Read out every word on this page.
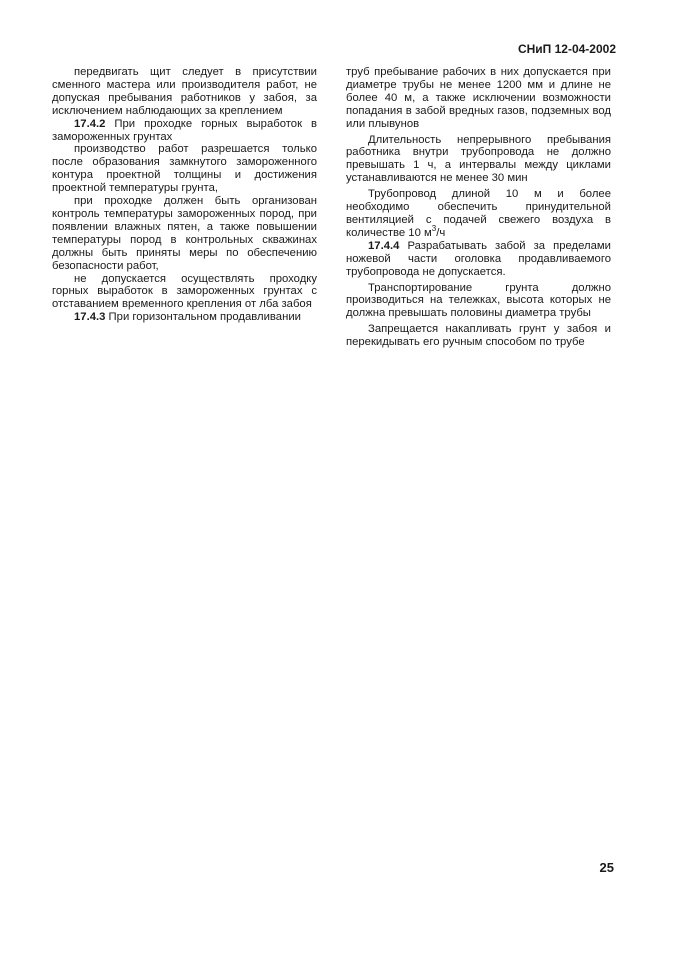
СНиП 12-04-2002

передвигать щит следует в присутствии сменного мастера или производителя работ, не допуская пребывания работников у забоя, за исключением наблюдающих за креплением

17.4.2 При проходке горных выработок в замороженных грунтах

производство работ разрешается только после образования замкнутого замороженного контура проектной толщины и достижения проектной температуры грунта,

при проходке должен быть организован контроль температуры замороженных пород, при появлении влажных пятен, а также повышении температуры пород в контрольных скважинах должны быть приняты меры по обеспечению безопасности работ,

не допускается осуществлять проходку горных выработок в замороженных грунтах с отставанием временного крепления от лба забоя

17.4.3 При горизонтальном продавливании

труб пребывание рабочих в них допускается при диаметре трубы не менее 1200 мм и длине не более 40 м, а также исключении возможности попадания в забой вредных газов, подземных вод или плывунов

Длительность непрерывного пребывания работника внутри трубопровода не должно превышать 1 ч, а интервалы между циклами устанавливаются не менее 30 мин

Трубопровод длиной 10 м и более необходимо обеспечить принудительной вентиляцией с подачей свежего воздуха в количестве 10 $м^3/ч$

17.4.4 Разрабатывать забой за пределами ножевой части оголовка продавливаемого трубопровода не допускается.

Транспортирование грунта должно производиться на тележках, высота которых не должна превышать половины диаметра трубы

Запрещается накапливать грунт у забоя и перекидывать его ручным способом по трубе

25
